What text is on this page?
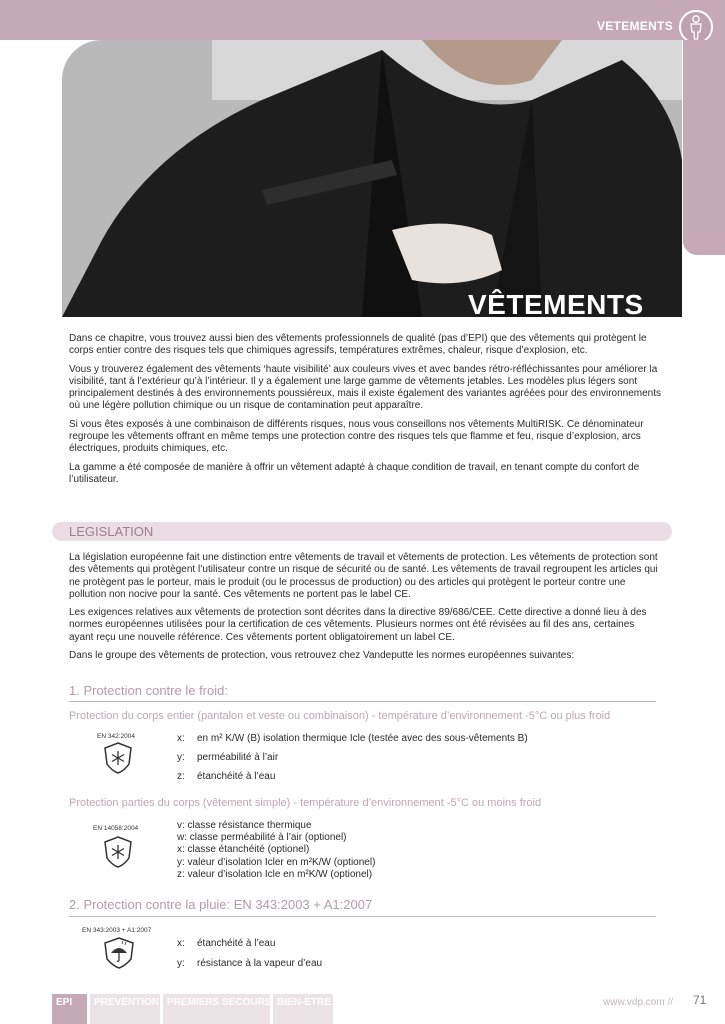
VETEMENTS
VÊTEMENTS

Dans ce chapitre, vous trouvez aussi bien des vêtements professionnels de qualité (pas d’EPI) que des vêtements qui protègent le corps entier contre des risques tels que chimiques agressifs, températures extrêmes, chaleur, risque d’explosion, etc.

Vous y trouverez également des vêtements ‘haute visibilité’ aux couleurs vives et avec bandes rétro-réfléchissantes pour améliorer la visibilité, tant à l’extérieur qu’à l’intérieur. Il y a également une large gamme de vêtements jetables. Les modèles plus légers sont principalement destinés à des environnements poussiéreux, mais il existe également des variantes agréées pour des environnements où une légère pollution chimique ou un risque de contamination peut apparaître.

Si vous êtes exposés à une combinaison de différents risques, nous vous conseillons nos vêtements MultiRISK. Ce dénominateur regroupe les vêtements offrant en même temps une protection contre des risques tels que flamme et feu, risque d’explosion, arcs électriques, produits chimiques, etc.

La gamme a été composée de manière à offrir un vêtement adapté à chaque condition de travail, en tenant compte du confort de l’utilisateur.

LEGISLATION

La législation européenne fait une distinction entre vêtements de travail et vêtements de protection. Les vêtements de protection sont des vêtements qui protègent l’utilisateur contre un risque de sécurité ou de santé. Les vêtements de travail regroupent les articles qui ne protègent pas le porteur, mais le produit (ou le processus de production) ou des articles qui protègent le porteur contre une pollution non nocive pour la santé. Ces vêtements ne portent pas le label CE.

Les exigences relatives aux vêtements de protection sont décrites dans la directive 89/686/CEE. Cette directive a donné lieu à des normes européennes utilisées pour la certification de ces vêtements. Plusieurs normes ont été révisées au fil des ans, certaines ayant reçu une nouvelle référence. Ces vêtements portent obligatoirement un label CE.

Dans le groupe des vêtements de protection, vous retrouvez chez Vandeputte les normes européennes suivantes:

1. Protection contre le froid:
Protection du corps entier (pantalon et veste ou combinaison) - température d’environnement -5°C ou plus froid
EN 342:2004	x: en m² K/W (B) isolation thermique Icle (testée avec des sous-vêtements B)
y: perméabilité à l’air
z: étanchéité à l’eau
Protection parties du corps (vêtement simple) - température d’environnement -5°C ou moins froid
EN 14058:2004	v: classe résistance thermique
w: classe perméabilité à l’air (optionel)
x: classe étanchéité (optionel)
y: valeur d’isolation Icler en m²K/W (optionel)
z: valeur d’isolation Icle en m²K/W (optionel)
2. Protection contre la pluie: EN 343:2003 + A1:2007
EN 343:2003 + A1:2007
x: étanchéité à l’eau
y: résistance à la vapeur d’eau
EPI	PREVENTION PREMIERS SECOURS BIEN-ETRE	www.vdp.com // 71
